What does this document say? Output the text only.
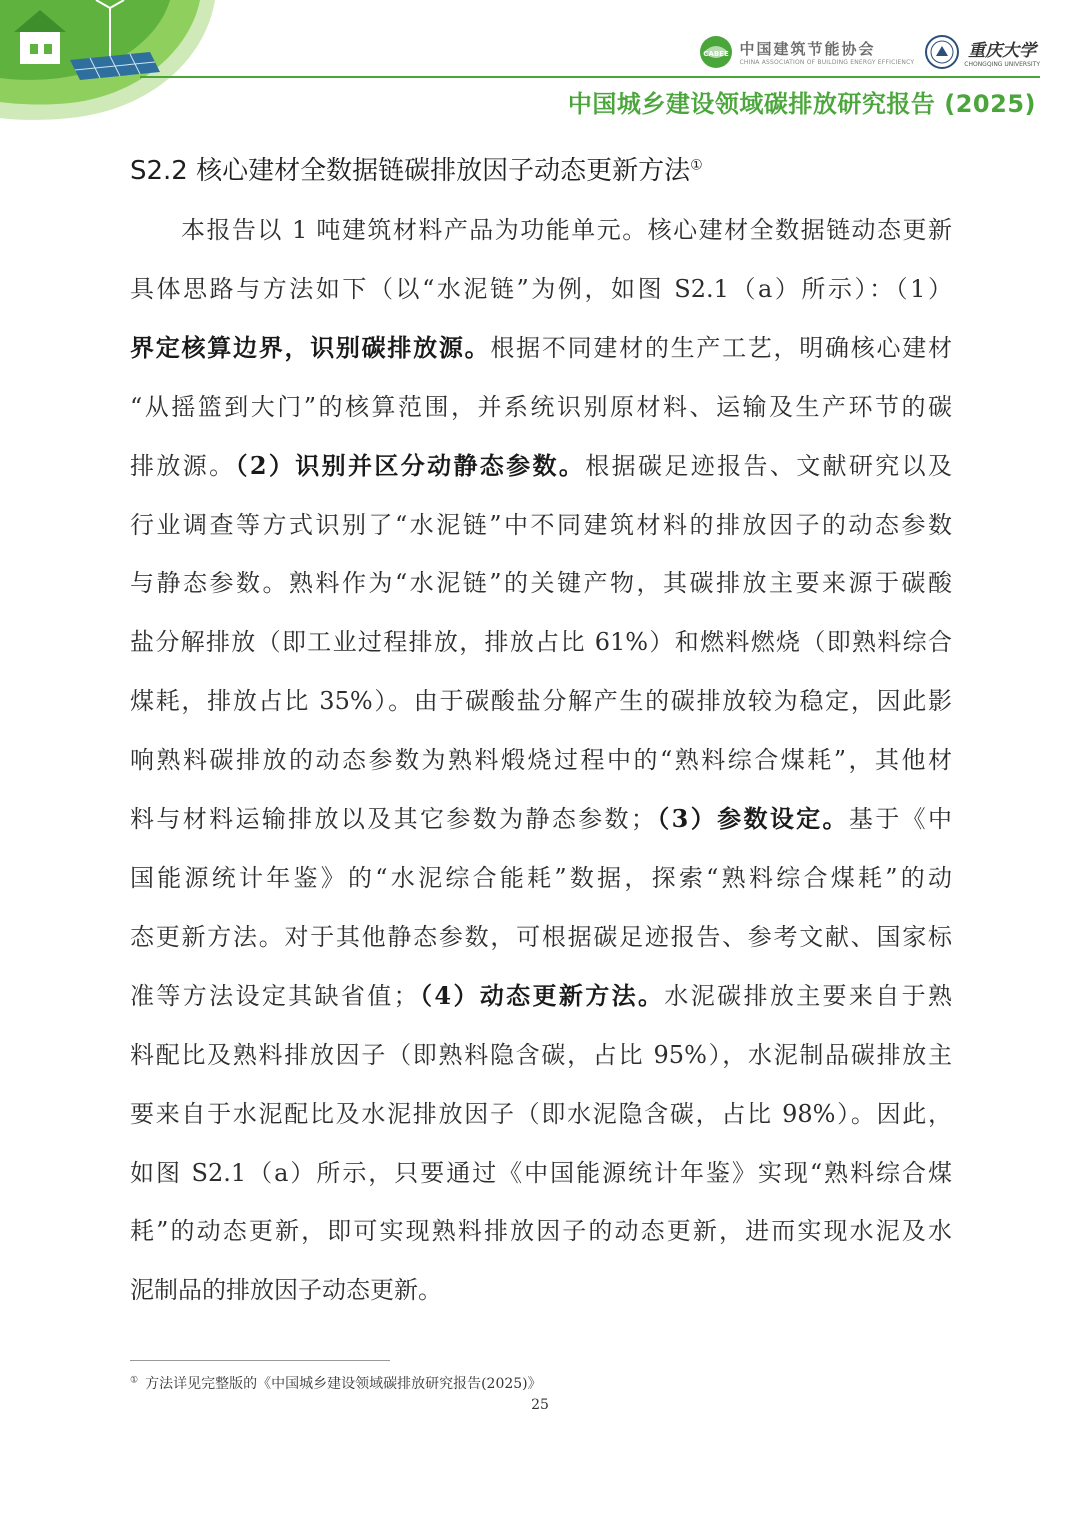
CABEE 中国建筑节能协会
CHINA ASSOCIATION OF BUILDING ENERGY EFFICIENCY
重庆大学
CHONGQING UNIVERSITY
中国城乡建设领域碳排放研究报告 (2025)
S2.2 核心建材全数据链碳排放因子动态更新方法①
　　本报告以 1 吨建筑材料产品为功能单元。核心建材全数据链动态更新
具体思路与方法如下（以“水泥链”为例，如图 S2.1（a）所示）：（1）
界定核算边界，识别碳排放源。根据不同建材的生产工艺，明确核心建材
“从摇篮到大门”的核算范围，并系统识别原材料、运输及生产环节的碳
排放源。（2）识别并区分动静态参数。根据碳足迹报告、文献研究以及
行业调查等方式识别了“水泥链”中不同建筑材料的排放因子的动态参数
与静态参数。熟料作为“水泥链”的关键产物，其碳排放主要来源于碳酸
盐分解排放（即工业过程排放，排放占比 61%）和燃料燃烧（即熟料综合
煤耗，排放占比 35%）。由于碳酸盐分解产生的碳排放较为稳定，因此影
响熟料碳排放的动态参数为熟料煅烧过程中的“熟料综合煤耗”，其他材
料与材料运输排放以及其它参数为静态参数；（3）参数设定。基于《中
国能源统计年鉴》的“水泥综合能耗”数据，探索“熟料综合煤耗”的动
态更新方法。对于其他静态参数，可根据碳足迹报告、参考文献、国家标
准等方法设定其缺省值；（4）动态更新方法。水泥碳排放主要来自于熟
料配比及熟料排放因子（即熟料隐含碳，占比 95%），水泥制品碳排放主
要来自于水泥配比及水泥排放因子（即水泥隐含碳，占比 98%）。因此，
如图 S2.1（a）所示，只要通过《中国能源统计年鉴》实现“熟料综合煤
耗”的动态更新，即可实现熟料排放因子的动态更新，进而实现水泥及水
泥制品的排放因子动态更新。
①  方法详见完整版的《中国城乡建设领域碳排放研究报告(2025)》
25
